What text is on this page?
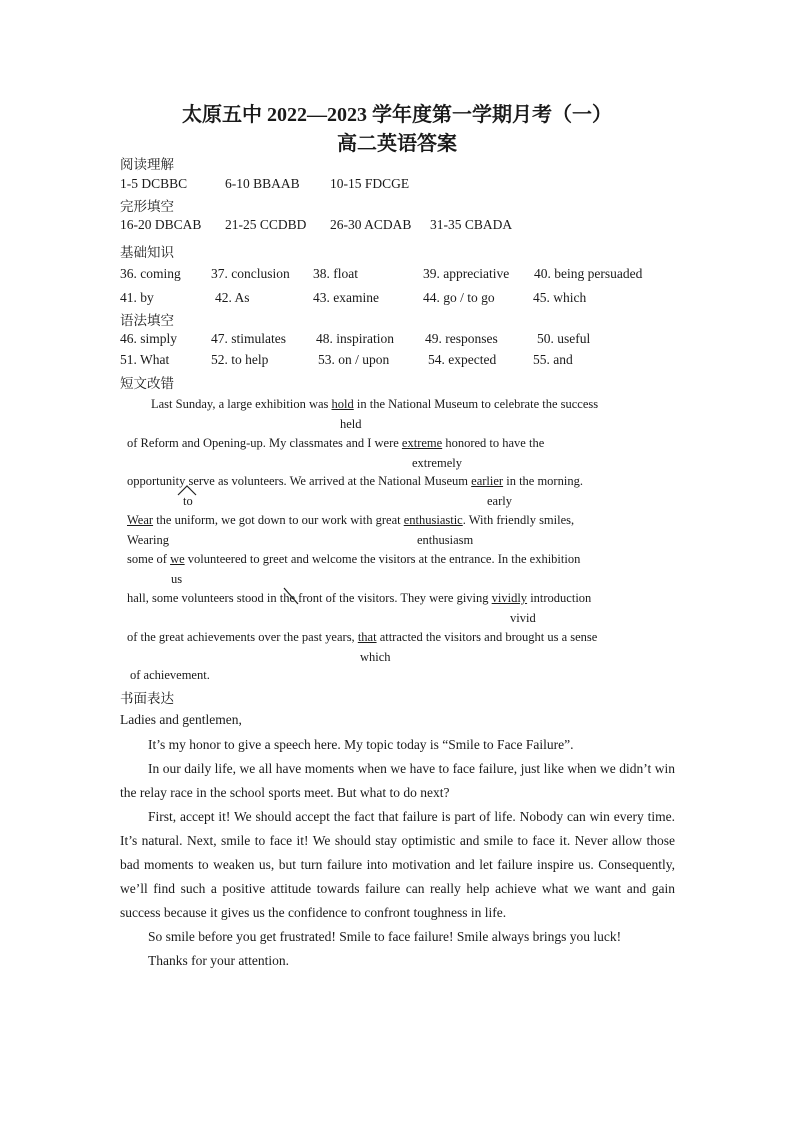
太原五中 2022—2023 学年度第一学期月考（一）
高二英语答案
阅读理解
1-5 DCBBC	6-10 BBAAB 10-15 FDCGE
完形填空
16-20 DBCAB 21-25 CCDBD 26-30 ACDAB 31-35 CBADA
基础知识
36. coming 37. conclusion 38. float	39. appreciative 40. being persuaded
41. by	42. As	43. examine	44. go / to go	45. which
语法填空
46. simply	47. stimulates 48. inspiration 49. responses	50. useful
51. What	52. to help	53. on / upon	54. expected	55. and
短文改错
Last Sunday, a large exhibition was hold in the National Museum to celebrate the success
held
of Reform and Opening-up. My classmates and I were extreme honored to have the
extremely
opportunity serve as volunteers. We arrived at the National Museum earlier in the morning.
to	early
Wear the uniform, we got down to our work with great enthusiastic. With friendly smiles,
Wearing	enthusiasm
some of we volunteered to greet and welcome the visitors at the entrance. In the exhibition
us
hall, some volunteers stood in the front of the visitors. They were giving vividly introduction
vivid
of the great achievements over the past years, that attracted the visitors and brought us a sense
which
of achievement.
书面表达
Ladies and gentlemen,

It’s my honor to give a speech here. My topic today is “Smile to Face Failure”.

In our daily life, we all have moments when we have to face failure, just like when we didn’t win the relay race in the school sports meet. But what to do next?

First, accept it! We should accept the fact that failure is part of life. Nobody can win every time. It’s natural. Next, smile to face it! We should stay optimistic and smile to face it. Never allow those bad moments to weaken us, but turn failure into motivation and let failure inspire us. Consequently, we’ll find such a positive attitude towards failure can really help achieve what we want and gain success because it gives us the confidence to confront toughness in life.

So smile before you get frustrated! Smile to face failure! Smile always brings you luck!

Thanks for your attention.
